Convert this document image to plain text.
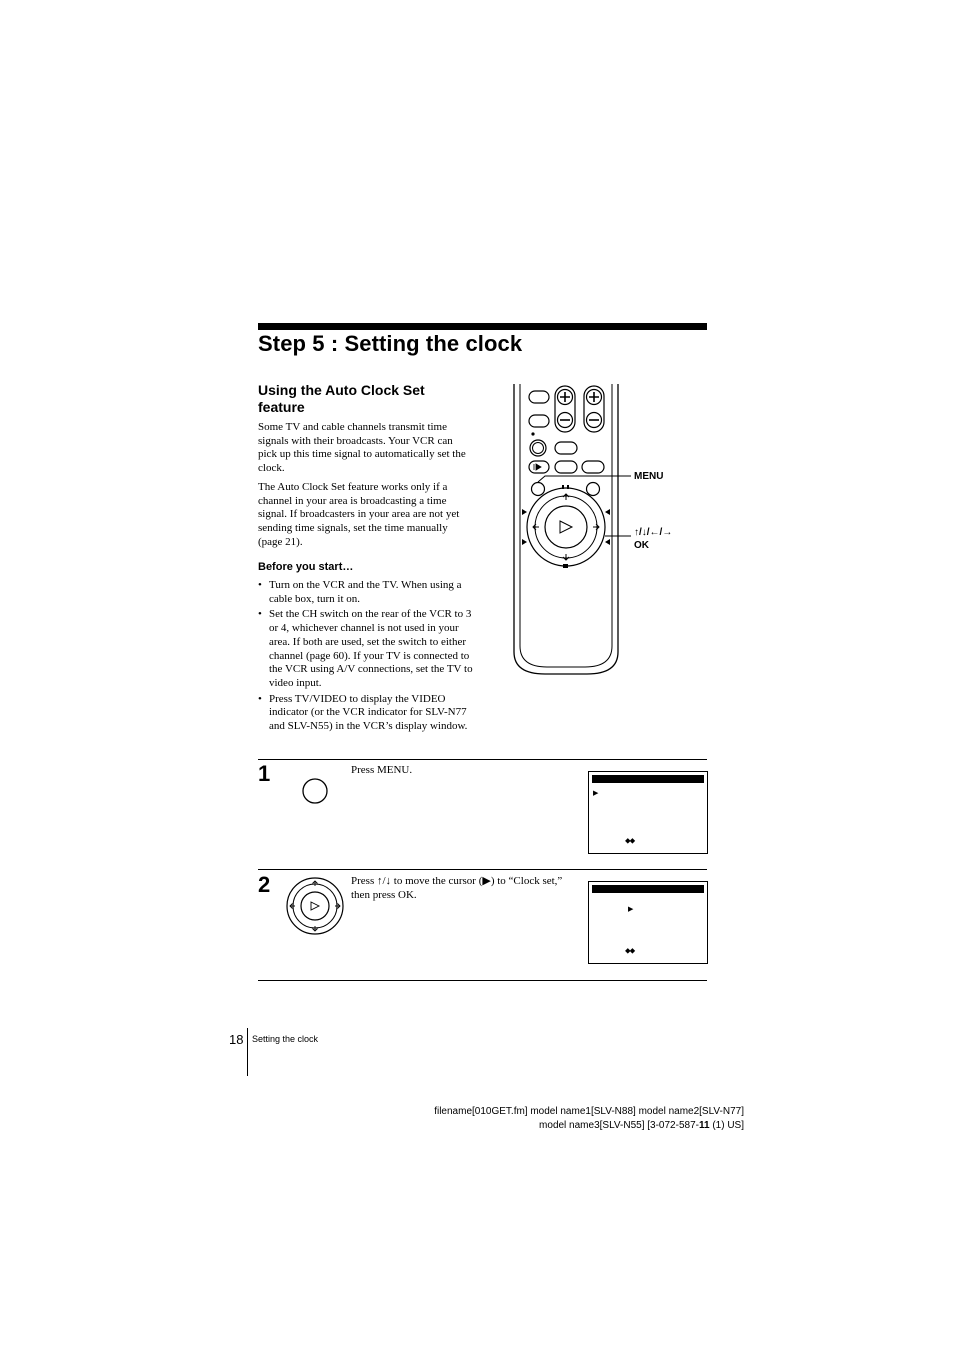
Step 5 : Setting the clock
Using the Auto Clock Set feature
Some TV and cable channels transmit time signals with their broadcasts. Your VCR can pick up this time signal to automatically set the clock.
The Auto Clock Set feature works only if a channel in your area is broadcasting a time signal. If broadcasters in your area are not yet sending time signals, set the time manually (page 21).
Before you start…
• Turn on the VCR and the TV. When using a cable box, turn it on.
• Set the CH switch on the rear of the VCR to 3 or 4, whichever channel is not used in your area. If both are used, set the switch to either channel (page 60). If your TV is connected to the VCR using A/V connections, set the TV to video input.
• Press TV/VIDEO to display the VIDEO indicator (or the VCR indicator for SLV-N77 and SLV-N55) in the VCR’s display window.
MENU
↑/↓/←/→
OK
1	Press MENU.
▶
⬥⬥
2	Press ↑/↓ to move the cursor (▶) to “Clock set,” then press OK.
▶
⬥⬥
18 Setting the clock
filename[010GET.fm] model name1[SLV-N88] model name2[SLV-N77]
model name3[SLV-N55] [3-072-587-11 (1) US]
